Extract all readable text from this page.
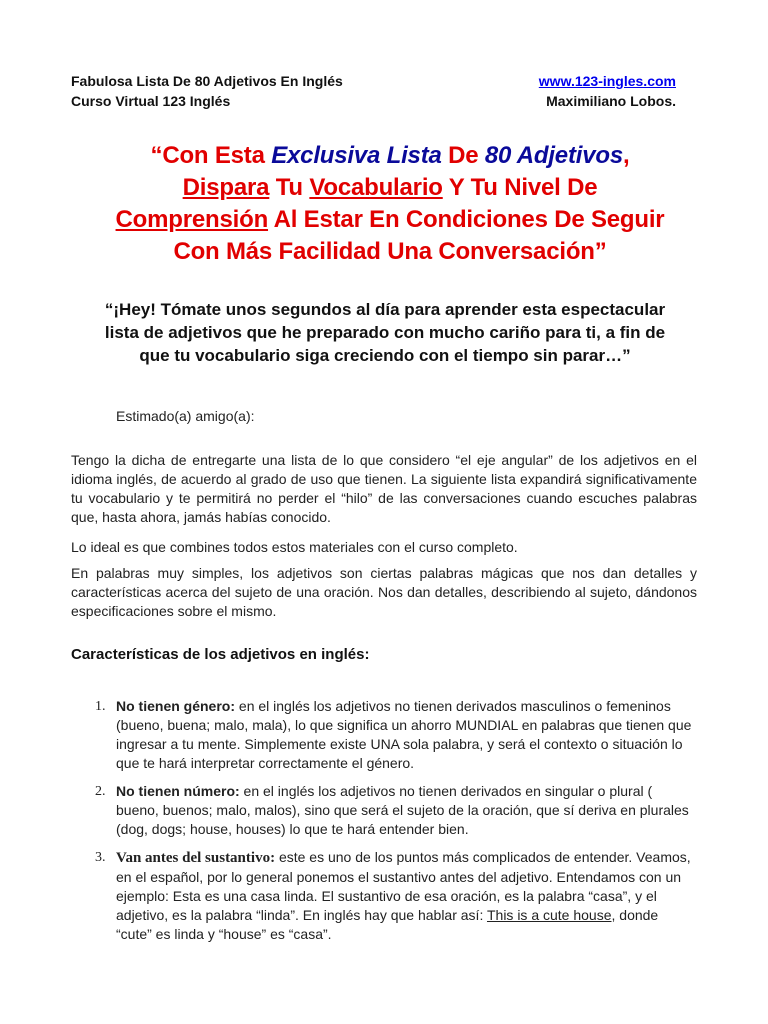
Fabulosa Lista De 80 Adjetivos En Inglés
Curso Virtual 123 Inglés
www.123-ingles.com
Maximiliano Lobos.
“Con Esta Exclusiva Lista De 80 Adjetivos,
Dispara Tu Vocabulario Y Tu Nivel De
Comprensión Al Estar En Condiciones De Seguir
Con Más Facilidad Una Conversación”
“¡Hey! Tómate unos segundos al día para aprender esta espectacular
lista de adjetivos que he preparado con mucho cariño para ti, a fin de
que tu vocabulario siga creciendo con el tiempo sin parar…”
Estimado(a) amigo(a):
Tengo la dicha de entregarte una lista de lo que considero “el eje angular” de los adjetivos en el idioma inglés, de acuerdo al grado de uso que tienen. La siguiente lista expandirá significativamente tu vocabulario y te permitirá no perder el “hilo” de las conversaciones cuando escuches palabras que, hasta ahora, jamás habías conocido.
Lo ideal es que combines todos estos materiales con el curso completo.
En palabras muy simples, los adjetivos son ciertas palabras mágicas que nos dan detalles y características acerca del sujeto de una oración. Nos dan detalles, describiendo al sujeto, dándonos especificaciones sobre el mismo.
Características de los adjetivos en inglés:
1. No tienen género: en el inglés los adjetivos no tienen derivados masculinos o femeninos (bueno, buena; malo, mala), lo que significa un ahorro MUNDIAL en palabras que tienen que ingresar a tu mente. Simplemente existe UNA sola palabra, y será el contexto o situación lo que te hará interpretar correctamente el género.
2. No tienen número: en el inglés los adjetivos no tienen derivados en singular o plural ( bueno, buenos; malo, malos), sino que será el sujeto de la oración, que sí deriva en plurales (dog, dogs; house, houses) lo que te hará entender bien.
3. Van antes del sustantivo: este es uno de los puntos más complicados de entender. Veamos, en el español, por lo general ponemos el sustantivo antes del adjetivo. Entendamos con un ejemplo: Esta es una casa linda. El sustantivo de esa oración, es la palabra “casa”, y el adjetivo, es la palabra “linda”. En inglés hay que hablar así: This is a cute house, donde “cute” es linda y “house” es “casa”.
